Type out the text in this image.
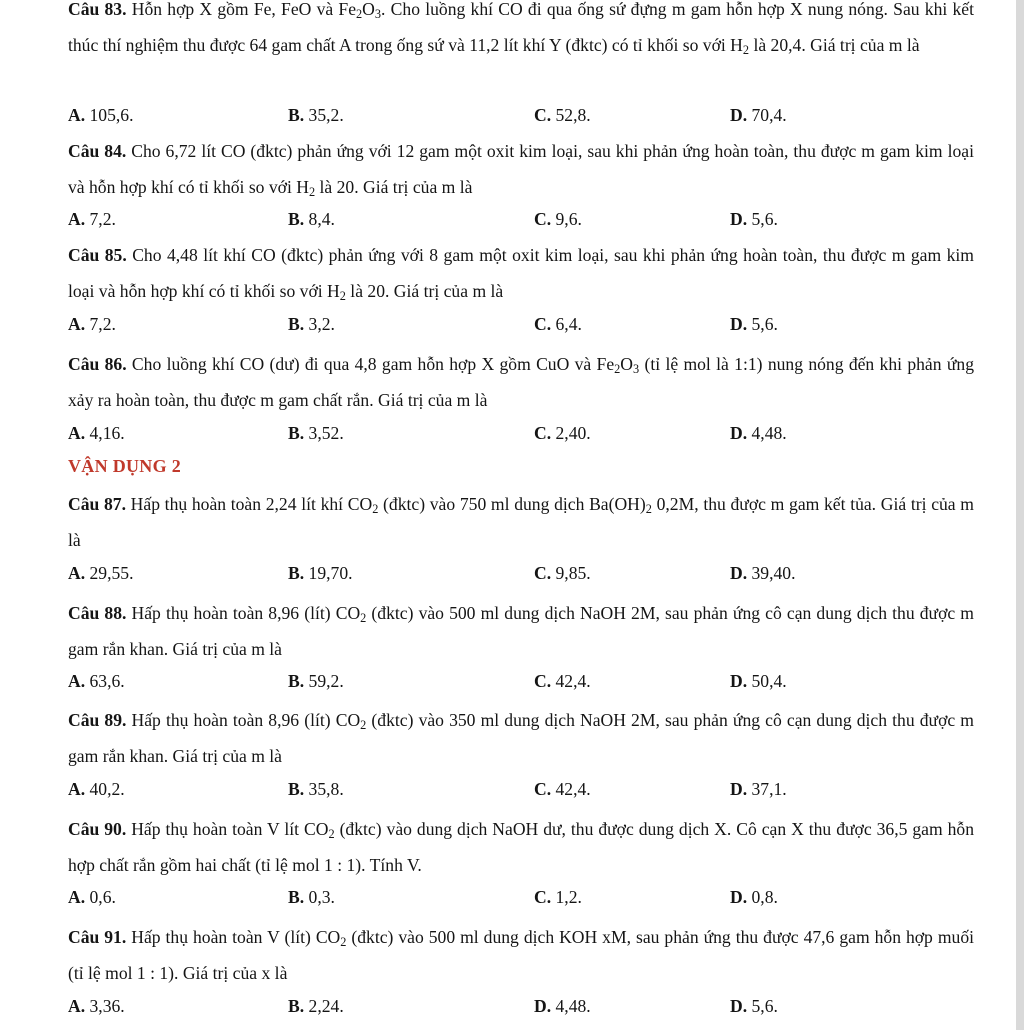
VẬN DỤNG 2
Câu 83. Hỗn hợp X gồm Fe, FeO và $Fe_2O_3$. Cho luồng khí CO đi qua ống sứ đựng m gam hỗn hợp X nung nóng. Sau khi kết thúc thí nghiệm thu được 64 gam chất A trong ống sứ và 11,2 lít khí Y (đktc) có tỉ khối so với $H_2$ là 20,4. Giá trị của m là
A. 105,6.	B. 35,2.	C. 52,8.	D. 70,4.
Câu 84. Cho 6,72 lít CO (đktc) phản ứng với 12 gam một oxit kim loại, sau khi phản ứng hoàn toàn, thu được m gam kim loại và hỗn hợp khí có tỉ khối so với $H_2$ là 20. Giá trị của m là
A. 7,2.	B. 8,4.	C. 9,6.	D. 5,6.
Câu 85. Cho 4,48 lít khí CO (đktc) phản ứng với 8 gam một oxit kim loại, sau khi phản ứng hoàn toàn, thu được m gam kim loại và hỗn hợp khí có tỉ khối so với $H_2$ là 20. Giá trị của m là
A. 7,2.	B. 3,2.	C. 6,4.	D. 5,6.
Câu 86. Cho luồng khí CO (dư) đi qua 4,8 gam hỗn hợp X gồm CuO và $Fe_2O_3$ (tỉ lệ mol là 1:1) nung nóng đến khi phản ứng xảy ra hoàn toàn, thu được m gam chất rắn. Giá trị của m là
A. 4,16.	B. 3,52.	C. 2,40.	D. 4,48.
Câu 87. Hấp thụ hoàn toàn 2,24 lít khí $CO_2$ (đktc) vào 750 ml dung dịch $Ba(OH)_2$ 0,2M, thu được m gam kết tủa. Giá trị của m là
A. 29,55.	B. 19,70.	C. 9,85.	D. 39,40.
Câu 88. Hấp thụ hoàn toàn 8,96 (lít) $CO_2$ (đktc) vào 500 ml dung dịch NaOH 2M, sau phản ứng cô cạn dung dịch thu được m gam rắn khan. Giá trị của m là
A. 63,6.	B. 59,2.	C. 42,4.	D. 50,4.
Câu 89. Hấp thụ hoàn toàn 8,96 (lít) $CO_2$ (đktc) vào 350 ml dung dịch NaOH 2M, sau phản ứng cô cạn dung dịch thu được m gam rắn khan. Giá trị của m là
A. 40,2.	B. 35,8.	C. 42,4.	D. 37,1.
Câu 90. Hấp thụ hoàn toàn V lít $CO_2$ (đktc) vào dung dịch NaOH dư, thu được dung dịch X. Cô cạn X thu được 36,5 gam hỗn hợp chất rắn gồm hai chất (tỉ lệ mol 1 : 1). Tính V.
A. 0,6.	B. 0,3.	C. 1,2.	D. 0,8.
Câu 91. Hấp thụ hoàn toàn V (lít) $CO_2$ (đktc) vào 500 ml dung dịch KOH xM, sau phản ứng thu được 47,6 gam hỗn hợp muối (tỉ lệ mol 1 : 1). Giá trị của x là
A. 3,36.	B. 2,24.	D. 4,48.	D. 5,6.
